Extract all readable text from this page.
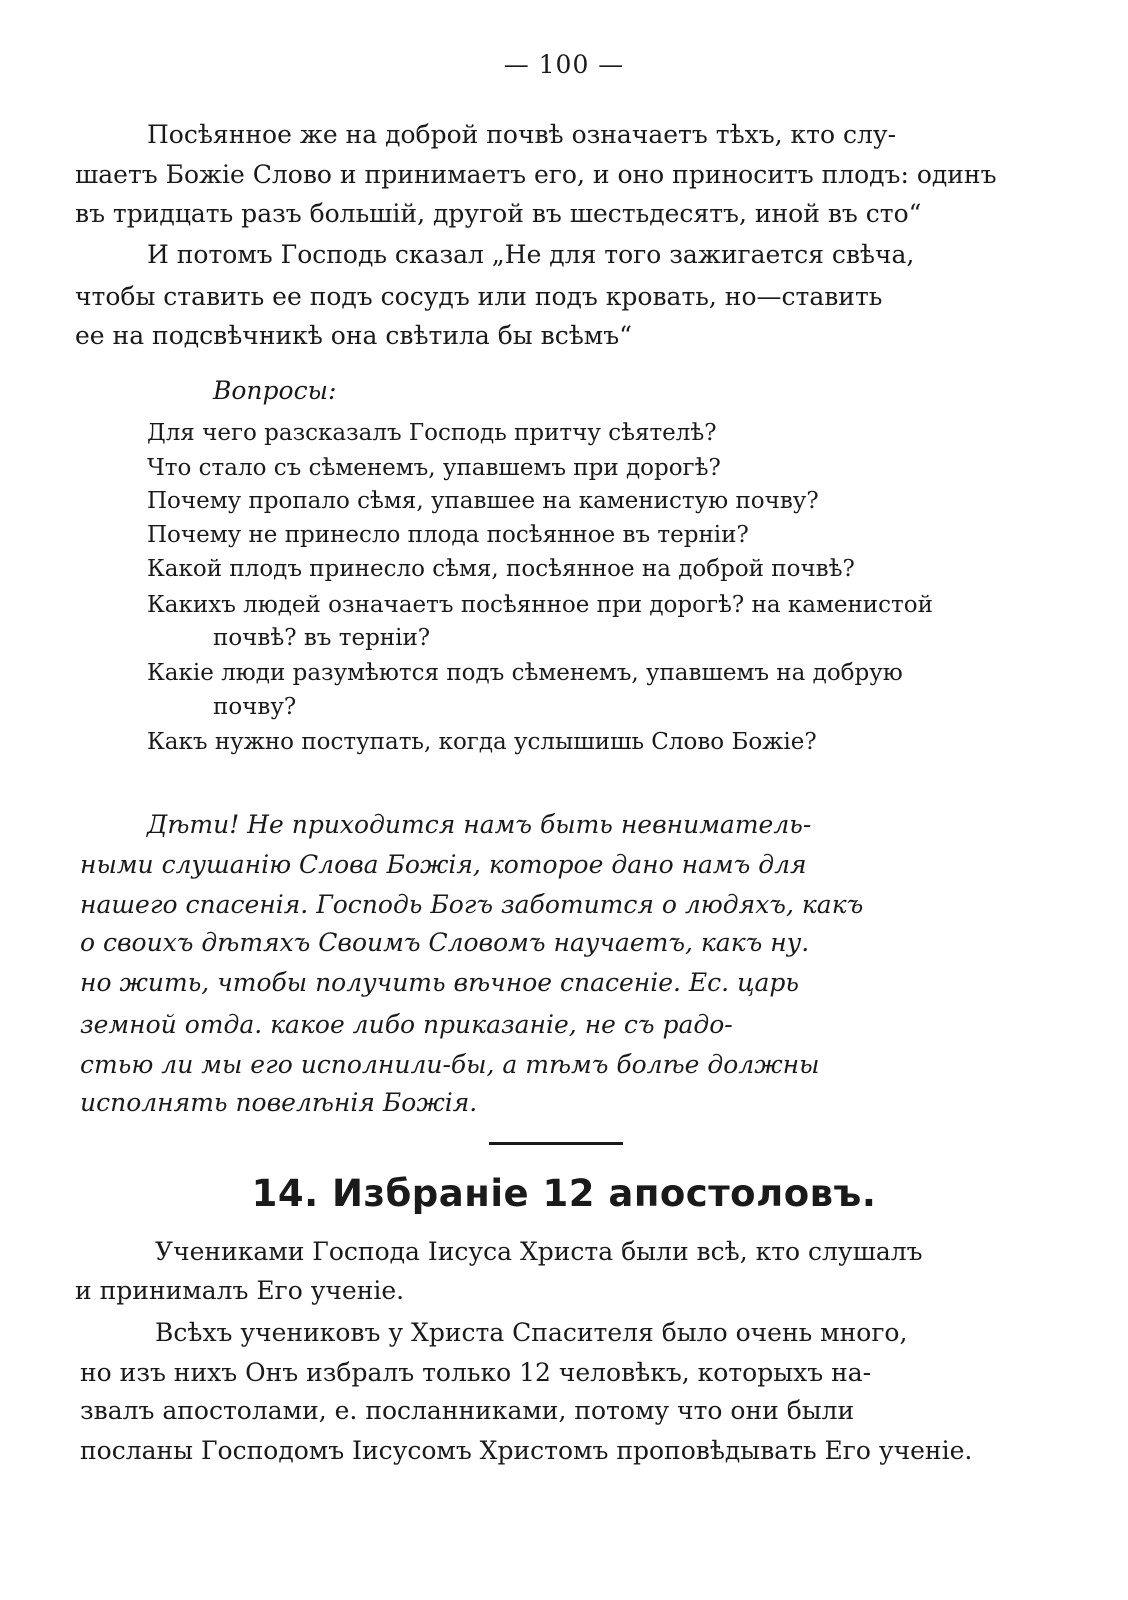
— 100 —
Посѣянное же на доброй почвѣ означаетъ тѣхъ, кто слу-
шаетъ Божіе Слово и принимаетъ его, и оно приноситъ плодъ: одинъ
въ тридцать разъ большій, другой въ шестьдесятъ, иной въ сто“
И потомъ Господь сказал „Не для того зажигается свѣча,
чтобы ставить ее подъ сосудъ или подъ кровать, но—ставить
ее на подсвѣчникѣ она свѣтила бы всѣмъ“
Вопросы:
Для чего разсказалъ Господь притчу сѣятелѣ?
Что стало съ сѣменемъ, упавшемъ при дорогѣ?
Почему пропало сѣмя, упавшее на каменистую почву?
Почему не принесло плода посѣянное въ терніи?
Какой плодъ принесло сѣмя, посѣянное на доброй почвѣ?
Какихъ людей означаетъ посѣянное при дорогѣ? на каменистой
почвѣ? въ терніи?
Какіе люди разумѣются подъ сѣменемъ, упавшемъ на добрую
почву?
Какъ нужно поступать, когда услышишь Слово Божіе?
Дѣти! Не приходится намъ быть невниматель-
ными слушанію Слова Божія, которое дано намъ для
нашего спасенія. Господь Богъ заботится о людяхъ, какъ
о своихъ дѣтяхъ Своимъ Словомъ научаетъ, какъ ну.
но жить, чтобы получить вѣчное спасеніе. Ес. царь
земной отда. какое либо приказаніе, не съ радо-
стью ли мы его исполнили-бы, а тѣмъ болѣе должны
исполнять повелѣнія Божія.
14. Избраніе 12 апостоловъ.
Учениками Господа Іисуса Христа были всѣ, кто слушалъ
и принималъ Его ученіе.
Всѣхъ учениковъ у Христа Спасителя было очень много,
но изъ нихъ Онъ избралъ только 12 человѣкъ, которыхъ на-
звалъ апостолами, е. посланниками, потому что они были
посланы Господомъ Іисусомъ Христомъ проповѣдывать Его ученіе.
